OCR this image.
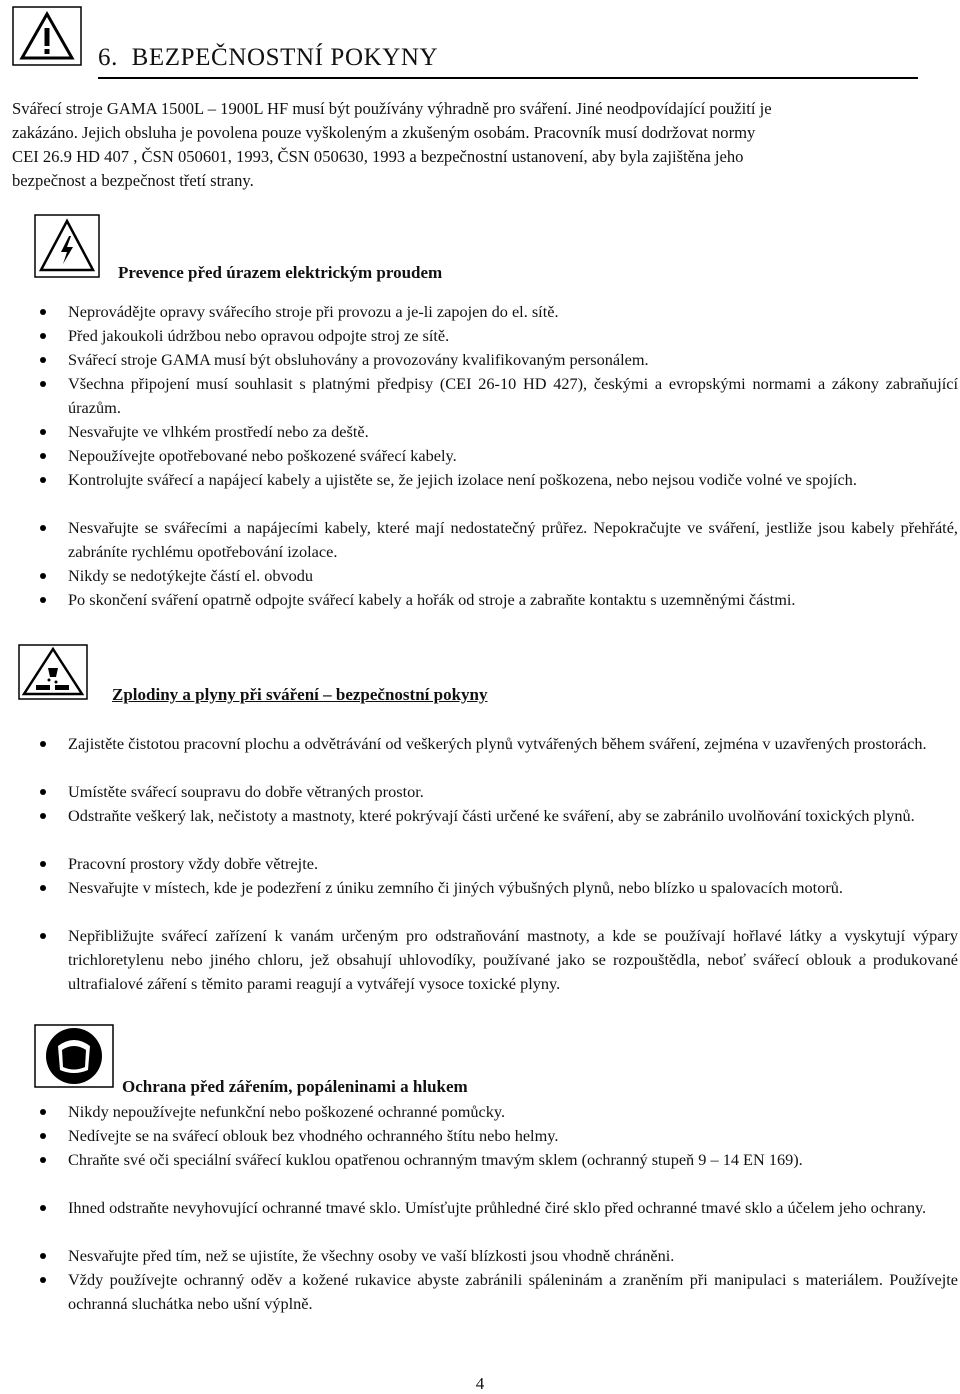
6. BEZPEČNOSTNÍ POKYNY
Svářecí stroje GAMA 1500L – 1900L HF musí být používány výhradně pro sváření. Jiné neodpovídající použití je
zakázáno. Jejich obsluha je povolena pouze vyškoleným a zkušeným osobám. Pracovník musí dodržovat normy
CEI 26.9 HD 407 , ČSN 050601, 1993, ČSN 050630, 1993 a bezpečnostní ustanovení, aby byla zajištěna jeho
bezpečnost a bezpečnost třetí strany.
Prevence před úrazem elektrickým proudem
Neprovádějte opravy svářecího stroje při provozu a je-li zapojen do el. sítě.
Před jakoukoli údržbou nebo opravou odpojte stroj ze sítě.
Svářecí stroje GAMA musí být obsluhovány a provozovány kvalifikovaným personálem.
Všechna připojení musí souhlasit s platnými předpisy (CEI 26-10 HD 427), českými a evropskými normami a zákony zabraňující úrazům.
Nesvařujte ve vlhkém prostředí nebo za deště.
Nepoužívejte opotřebované nebo poškozené svářecí kabely.
Kontrolujte svářecí a napájecí kabely a ujistěte se, že jejich izolace není poškozena, nebo nejsou vodiče volné ve spojích.
Nesvařujte se svářecími a napájecími kabely, které mají nedostatečný průřez. Nepokračujte ve sváření, jestliže jsou kabely přehřáté, zabráníte rychlému opotřebování izolace.
Nikdy se nedotýkejte částí el. obvodu
Po skončení sváření opatrně odpojte svářecí kabely a hořák od stroje a zabraňte kontaktu s uzemněnými částmi.
Zplodiny a plyny při sváření – bezpečnostní pokyny
Zajistěte čistotou pracovní plochu a odvětrávání od veškerých plynů vytvářených během sváření, zejména v uzavřených prostorách.
Umístěte svářecí soupravu do dobře větraných prostor.
Odstraňte veškerý lak, nečistoty a mastnoty, které pokrývají části určené ke sváření, aby se zabránilo uvolňování toxických plynů.
Pracovní prostory vždy dobře větrejte.
Nesvařujte v místech, kde je podezření z úniku zemního či jiných výbušných plynů, nebo blízko u spalovacích motorů.
Nepřibližujte svářecí zařízení k vanám určeným pro odstraňování mastnoty, a kde se používají hořlavé látky a vyskytují výpary trichloretylenu nebo jiného chloru, jež obsahují uhlovodíky, používané jako se rozpouštědla, neboť svářecí oblouk a produkované ultrafialové záření s těmito parami reagují a vytvářejí vysoce toxické plyny.
Ochrana před zářením, popáleninami a hlukem
Nikdy nepoužívejte nefunkční nebo poškozené ochranné pomůcky.
Nedívejte se na svářecí oblouk bez vhodného ochranného štítu nebo helmy.
Chraňte své oči speciální svářecí kuklou opatřenou ochranným tmavým sklem (ochranný stupeň 9 – 14 EN 169).
Ihned odstraňte nevyhovující ochranné tmavé sklo. Umísťujte průhledné čiré sklo před ochranné tmavé sklo a účelem jeho ochrany.
Nesvařujte před tím, než se ujistíte, že všechny osoby ve vaší blízkosti jsou vhodně chráněni.
Vždy používejte ochranný oděv a kožené rukavice abyste zabránili spáleninám a zraněním při manipulaci s materiálem. Používejte ochranná sluchátka nebo ušní výplně.
4
